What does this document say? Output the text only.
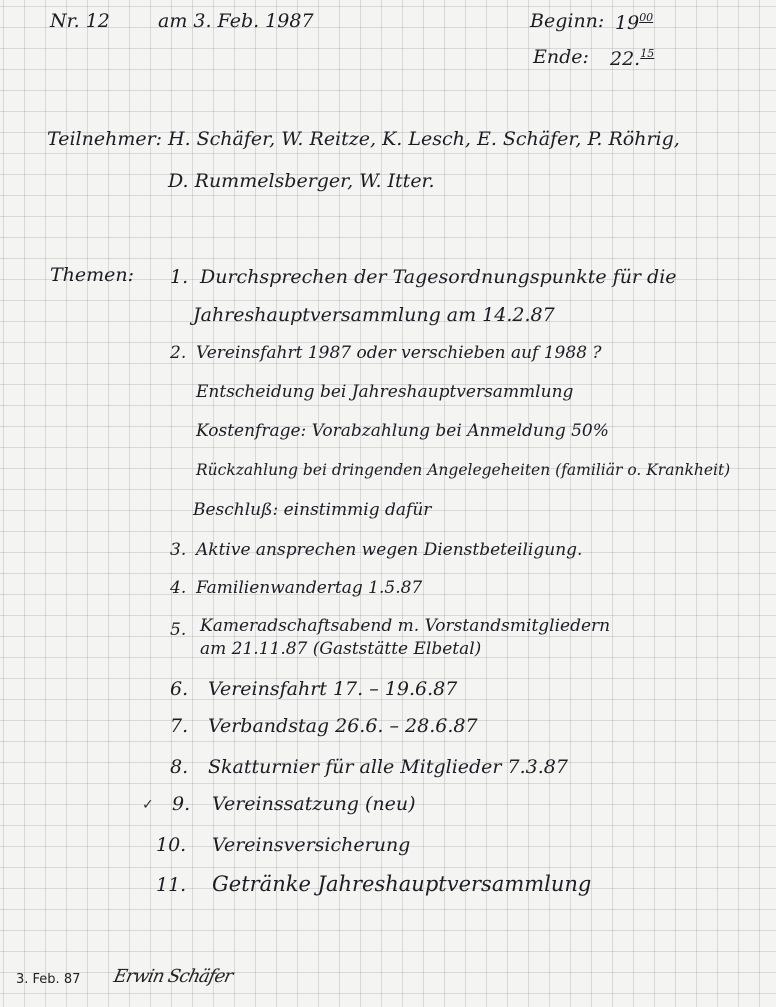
Nr. 12	am 3. Feb. 1987	Beginn: $19^{00}$
Ende: 22.15
Teilnehmer: H. Schäfer, W. Reitze, K. Lesch, E. Schäfer, P. Röhrig,
D. Rummelsberger, W. Itter.
Themen: 1. Durchsprechen der Tagesordnungspunkte für die
Jahreshauptversammlung am 14.2.87
2. Vereinsfahrt 1987 oder verschieben auf 1988 ?
Entscheidung bei Jahreshauptversammlung
Kostenfrage: Vorabzahlung bei Anmeldung 50%
Rückzahlung bei dringenden Angelegeheiten (familiär o. Krankheit)
Beschluß: einstimmig dafür
3. Aktive ansprechen wegen Dienstbeteiligung.
4. Familienwandertag 1.5.87
5. Kameradschaftsabend m. Vorstandsmitgliedern
am 21.11.87 (Gaststätte Elbetal)
6. Vereinsfahrt 17. – 19.6.87
7. Verbandstag 26.6. – 28.6.87
8. Skatturnier für alle Mitglieder 7.3.87
✓ 9. Vereinssatzung (neu)
10. Vereinsversicherung
11. Getränke Jahreshauptversammlung
3. Feb. 87 Erwin Schäfer
